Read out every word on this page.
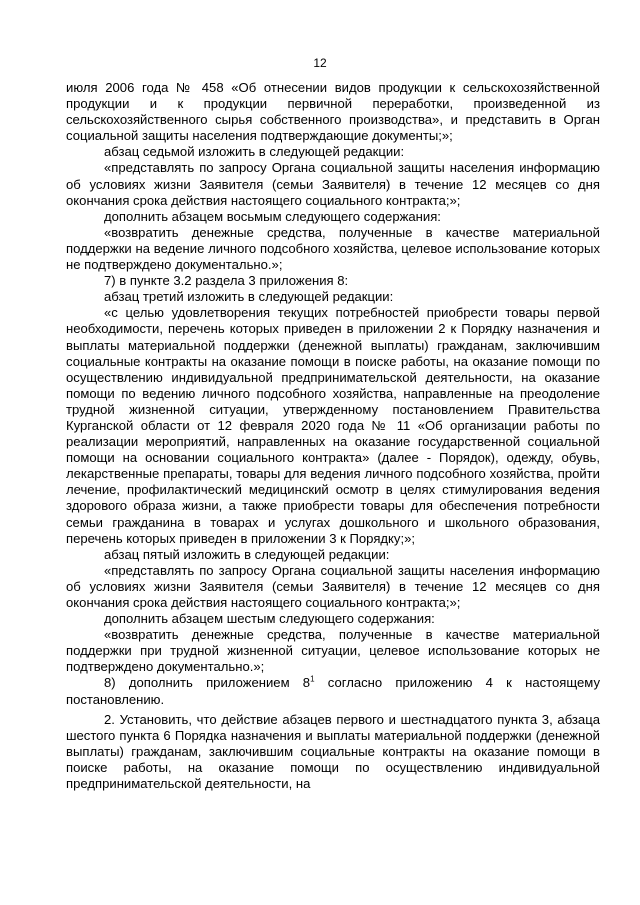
12

июля 2006 года № 458 «Об отнесении видов продукции к сельскохозяйственной продукции и к продукции первичной переработки, произведенной из сельскохозяйственного сырья собственного производства», и представить в Орган социальной защиты населения подтверждающие документы;»;

абзац седьмой изложить в следующей редакции:

«представлять по запросу Органа социальной защиты населения информацию об условиях жизни Заявителя (семьи Заявителя) в течение 12 месяцев со дня окончания срока действия настоящего социального контракта;»;

дополнить абзацем восьмым следующего содержания:

«возвратить денежные средства, полученные в качестве материальной поддержки на ведение личного подсобного хозяйства, целевое использование которых не подтверждено документально.»;

7) в пункте 3.2 раздела 3 приложения 8:

абзац третий изложить в следующей редакции:

«с целью удовлетворения текущих потребностей приобрести товары первой необходимости, перечень которых приведен в приложении 2 к Порядку назначения и выплаты материальной поддержки (денежной выплаты) гражданам, заключившим социальные контракты на оказание помощи в поиске работы, на оказание помощи по осуществлению индивидуальной предпринимательской деятельности, на оказание помощи по ведению личного подсобного хозяйства, направленные на преодоление трудной жизненной ситуации, утвержденному постановлением Правительства Курганской области от 12 февраля 2020 года № 11 «Об организации работы по реализации мероприятий, направленных на оказание государственной социальной помощи на основании социального контракта» (далее - Порядок), одежду, обувь, лекарственные препараты, товары для ведения личного подсобного хозяйства, пройти лечение, профилактический медицинский осмотр в целях стимулирования ведения здорового образа жизни, а также приобрести товары для обеспечения потребности семьи гражданина в товарах и услугах дошкольного и школьного образования, перечень которых приведен в приложении 3 к Порядку;»;

абзац пятый изложить в следующей редакции:

«представлять по запросу Органа социальной защиты населения информацию об условиях жизни Заявителя (семьи Заявителя) в течение 12 месяцев со дня окончания срока действия настоящего социального контракта;»;

дополнить абзацем шестым следующего содержания:

«возвратить денежные средства, полученные в качестве материальной поддержки при трудной жизненной ситуации, целевое использование которых не подтверждено документально.»;

8) дополнить приложением $8^1$ согласно приложению 4 к настоящему постановлению.

2. Установить, что действие абзацев первого и шестнадцатого пункта 3, абзаца шестого пункта 6 Порядка назначения и выплаты материальной поддержки (денежной выплаты) гражданам, заключившим социальные контракты на оказание помощи в поиске работы, на оказание помощи по осуществлению индивидуальной предпринимательской деятельности, на
